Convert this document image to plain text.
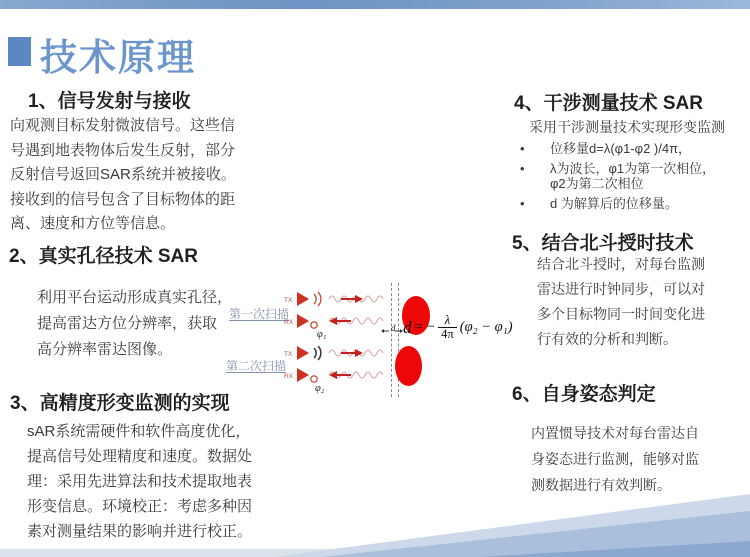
技术原理
1、信号发射与接收
向观测目标发射微波信号。这些信
号遇到地表物体后发生反射，部分
反射信号返回SAR系统并被接收。
接收到的信号包含了目标物体的距
离、速度和方位等信息。
2、真实孔径技术 SAR
利用平台运动形成真实孔径，
提高雷达方位分辨率，获取
高分辨率雷达图像。
3、高精度形变监测的实现
sAR系统需硬件和软件高度优化，
提高信号处理精度和速度。数据处
理：采用先进算法和技术提取地表
形变信息。环境校正：考虑多种因
素对测量结果的影响并进行校正。
4、干涉测量技术 SAR
采用干涉测量技术实现形变监测
•	位移量d=λ(φ1-φ2 )/4π，
•	λ为波长，φ1为第一次相位，
φ2为第二次相位
•	d 为解算后的位移量。
5、结合北斗授时技术
结合北斗授时，对每台监测
雷达进行时钟同步，可以对
多个目标物同一时间变化进
行有效的分析和判断。
6、自身姿态判定
内置惯导技术对每台雷达自
身姿态进行监测，能够对监
测数据进行有效判断。
第一次扫描
第二次扫描
TX
RX
TX
RX
φ₁
φ₂
d d = − $\frac{\lambda}{4\pi} (\varphi_2 - \varphi_1)$
